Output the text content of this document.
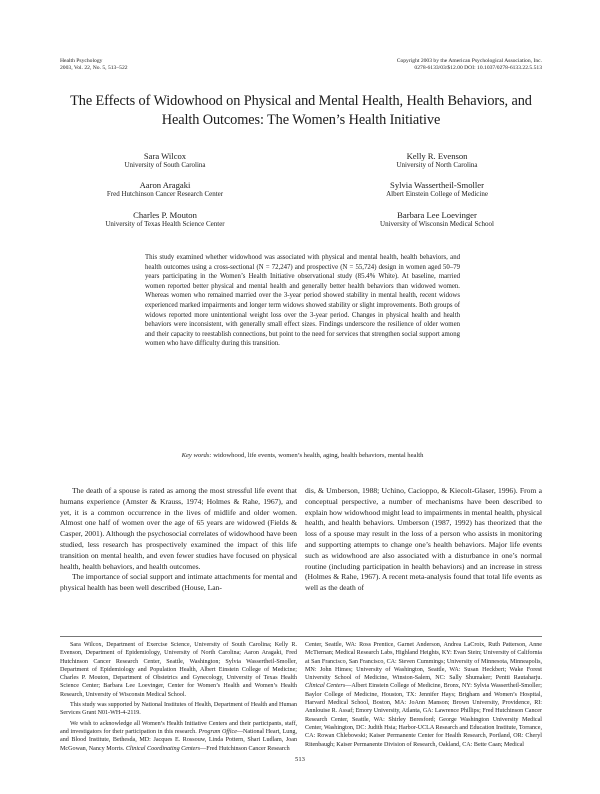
Health Psychology
2003, Vol. 22, No. 5, 513–522
Copyright 2003 by the American Psychological Association, Inc.
0278-6133/03/$12.00 DOI: 10.1037/0278-6133.22.5.513
The Effects of Widowhood on Physical and Mental Health, Health Behaviors, and Health Outcomes: The Women’s Health Initiative
Sara Wilcox
University of South Carolina
Kelly R. Evenson
University of North Carolina
Aaron Aragaki
Fred Hutchinson Cancer Research Center
Sylvia Wassertheil-Smoller
Albert Einstein College of Medicine
Charles P. Mouton
University of Texas Health Science Center
Barbara Lee Loevinger
University of Wisconsin Medical School
This study examined whether widowhood was associated with physical and mental health, health behaviors, and health outcomes using a cross-sectional (N = 72,247) and prospective (N = 55,724) design in women aged 50–79 years participating in the Women’s Health Initiative observational study (85.4% White). At baseline, married women reported better physical and mental health and generally better health behaviors than widowed women. Whereas women who remained married over the 3-year period showed stability in mental health, recent widows experienced marked impairments and longer term widows showed stability or slight improvements. Both groups of widows reported more unintentional weight loss over the 3-year period. Changes in physical health and health behaviors were inconsistent, with generally small effect sizes. Findings underscore the resilience of older women and their capacity to reestablish connections, but point to the need for services that strengthen social support among women who have difficulty during this transition.
Key words: widowhood, life events, women’s health, aging, health behaviors, mental health

The death of a spouse is rated as among the most stressful life event that humans experience (Amster & Krauss, 1974; Holmes & Rahe, 1967), and yet, it is a common occurrence in the lives of midlife and older women. Almost one half of women over the age of 65 years are widowed (Fields & Casper, 2001). Although the psychosocial correlates of widowhood have been studied, less research has prospectively examined the impact of this life transition on mental health, and even fewer studies have focused on physical health, health behaviors, and health outcomes.

The importance of social support and intimate attachments for mental and physical health has been well described (House, Lan-

dis, & Umberson, 1988; Uchino, Cacioppo, & Kiecolt-Glaser, 1996). From a conceptual perspective, a number of mechanisms have been described to explain how widowhood might lead to impairments in mental health, physical health, and health behaviors. Umberson (1987, 1992) has theorized that the loss of a spouse may result in the loss of a person who assists in monitoring and supporting attempts to change one’s health behaviors. Major life events such as widowhood are also associated with a disturbance in one’s normal routine (including participation in health behaviors) and an increase in stress (Holmes & Rahe, 1967). A recent meta-analysis found that total life events as well as the death of

Sara Wilcox, Department of Exercise Science, University of South Carolina; Kelly R. Evenson, Department of Epidemiology, University of North Carolina; Aaron Aragaki, Fred Hutchinson Cancer Research Center, Seattle, Washington; Sylvia Wassertheil-Smoller, Department of Epidemiology and Population Health, Albert Einstein College of Medicine; Charles P. Mouton, Department of Obstetrics and Gynecology, University of Texas Health Science Center; Barbara Lee Loevinger, Center for Women’s Health and Women’s Health Research, University of Wisconsin Medical School.

This study was supported by National Institutes of Health, Department of Health and Human Services Grant N01-WH-4-2119.

We wish to acknowledge all Women’s Health Initiative Centers and their participants, staff, and investigators for their participation in this research. Program Office—National Heart, Lung, and Blood Institute, Bethesda, MD: Jacques E. Rossouw, Linda Pottern, Shari Ludlam, Joan McGowan, Nancy Morris. Clinical Coordinating Centers—Fred Hutchinson Cancer Research

Center, Seattle, WA: Ross Prentice, Garnet Anderson, Andrea LaCroix, Ruth Patterson, Anne McTiernan; Medical Research Labs, Highland Heights, KY: Evan Stein; University of California at San Francisco, San Francisco, CA: Steven Cummings; University of Minnesota, Minneapolis, MN: John Himes; University of Washington, Seattle, WA: Susan Heckbert; Wake Forest University School of Medicine, Winston-Salem, NC: Sally Shumaker; Pentti Rautaharju. Clinical Centers—Albert Einstein College of Medicine, Bronx, NY: Sylvia Wassertheil-Smoller; Baylor College of Medicine, Houston, TX: Jennifer Hays; Brigham and Women’s Hospital, Harvard Medical School, Boston, MA: JoAnn Manson; Brown University, Providence, RI: Annlouise R. Assaf; Emory University, Atlanta, GA: Lawrence Phillips; Fred Hutchinson Cancer Research Center, Seattle, WA: Shirley Beresford; George Washington University Medical Center, Washington, DC: Judith Hsia; Harbor-UCLA Research and Education Institute, Torrance, CA: Rowan Chlebowski; Kaiser Permanente Center for Health Research, Portland, OR: Cheryl Ritenbaugh; Kaiser Permanente Division of Research, Oakland, CA: Bette Caan; Medical

513
